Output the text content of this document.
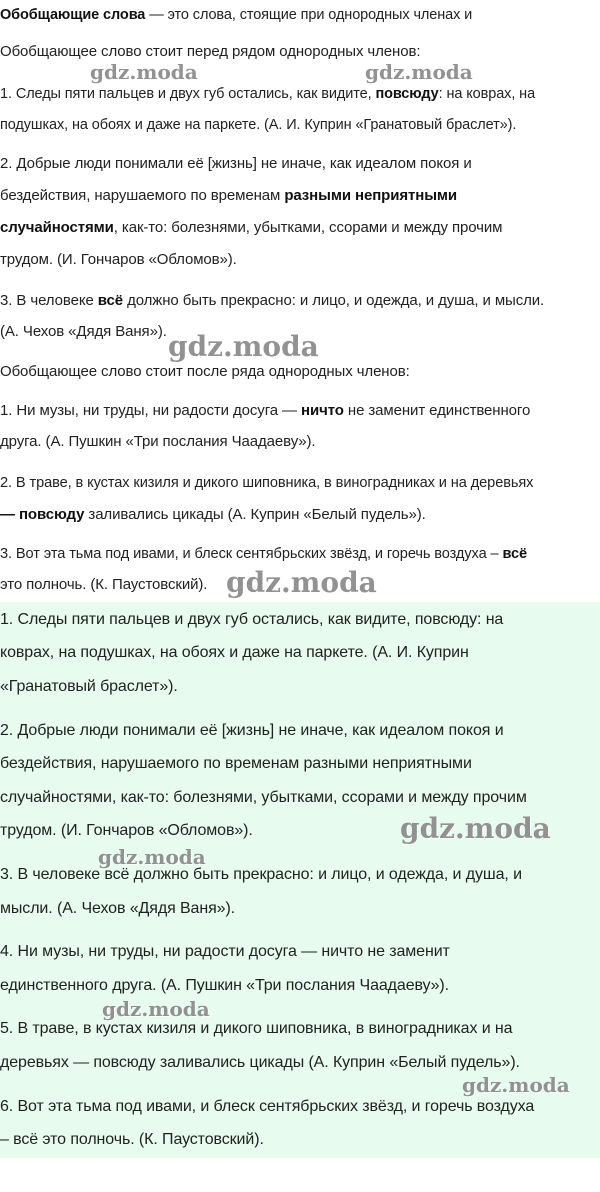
Обобщающие слова — это слова, стоящие при однородных членах и
Обобщающее слово стоит перед рядом однородных членов:
1. Следы пяти пальцев и двух губ остались, как видите, повсюду: на коврах, на
подушках, на обоях и даже на паркете. (А. И. Куприн «Гранатовый браслет»).
2. Добрые люди понимали её [жизнь] не иначе, как идеалом покоя и
бездействия, нарушаемого по временам разными неприятными
случайностями, как-то: болезнями, убытками, ссорами и между прочим
трудом. (И. Гончаров «Обломов»).
3. В человеке всё должно быть прекрасно: и лицо, и одежда, и душа, и мысли.
(А. Чехов «Дядя Ваня»).
Обобщающее слово стоит после ряда однородных членов:
1. Ни музы, ни труды, ни радости досуга — ничто не заменит единственного
друга. (А. Пушкин «Три послания Чаадаеву»).
2. В траве, в кустах кизиля и дикого шиповника, в виноградниках и на деревьях
— повсюду заливались цикады (А. Куприн «Белый пудель»).
3. Вот эта тьма под ивами, и блеск сентябрьских звёзд, и горечь воздуха – всё
это полночь. (К. Паустовский).
1. Следы пяти пальцев и двух губ остались, как видите, повсюду: на
коврах, на подушках, на обоях и даже на паркете. (А. И. Куприн
«Гранатовый браслет»).
2. Добрые люди понимали её [жизнь] не иначе, как идеалом покоя и
бездействия, нарушаемого по временам разными неприятными
случайностями, как-то: болезнями, убытками, ссорами и между прочим
трудом. (И. Гончаров «Обломов»).
3. В человеке всё должно быть прекрасно: и лицо, и одежда, и душа, и
мысли. (А. Чехов «Дядя Ваня»).
4. Ни музы, ни труды, ни радости досуга — ничто не заменит
единственного друга. (А. Пушкин «Три послания Чаадаеву»).
5. В траве, в кустах кизиля и дикого шиповника, в виноградниках и на
деревьях — повсюду заливались цикады (А. Куприн «Белый пудель»).
6. Вот эта тьма под ивами, и блеск сентябрьских звёзд, и горечь воздуха
– всё это полночь. (К. Паустовский).
gdz.moda	gdz.moda
gdz.moda
gdz.moda
gdz.moda
gdz.moda
gdz.moda
gdz.moda
